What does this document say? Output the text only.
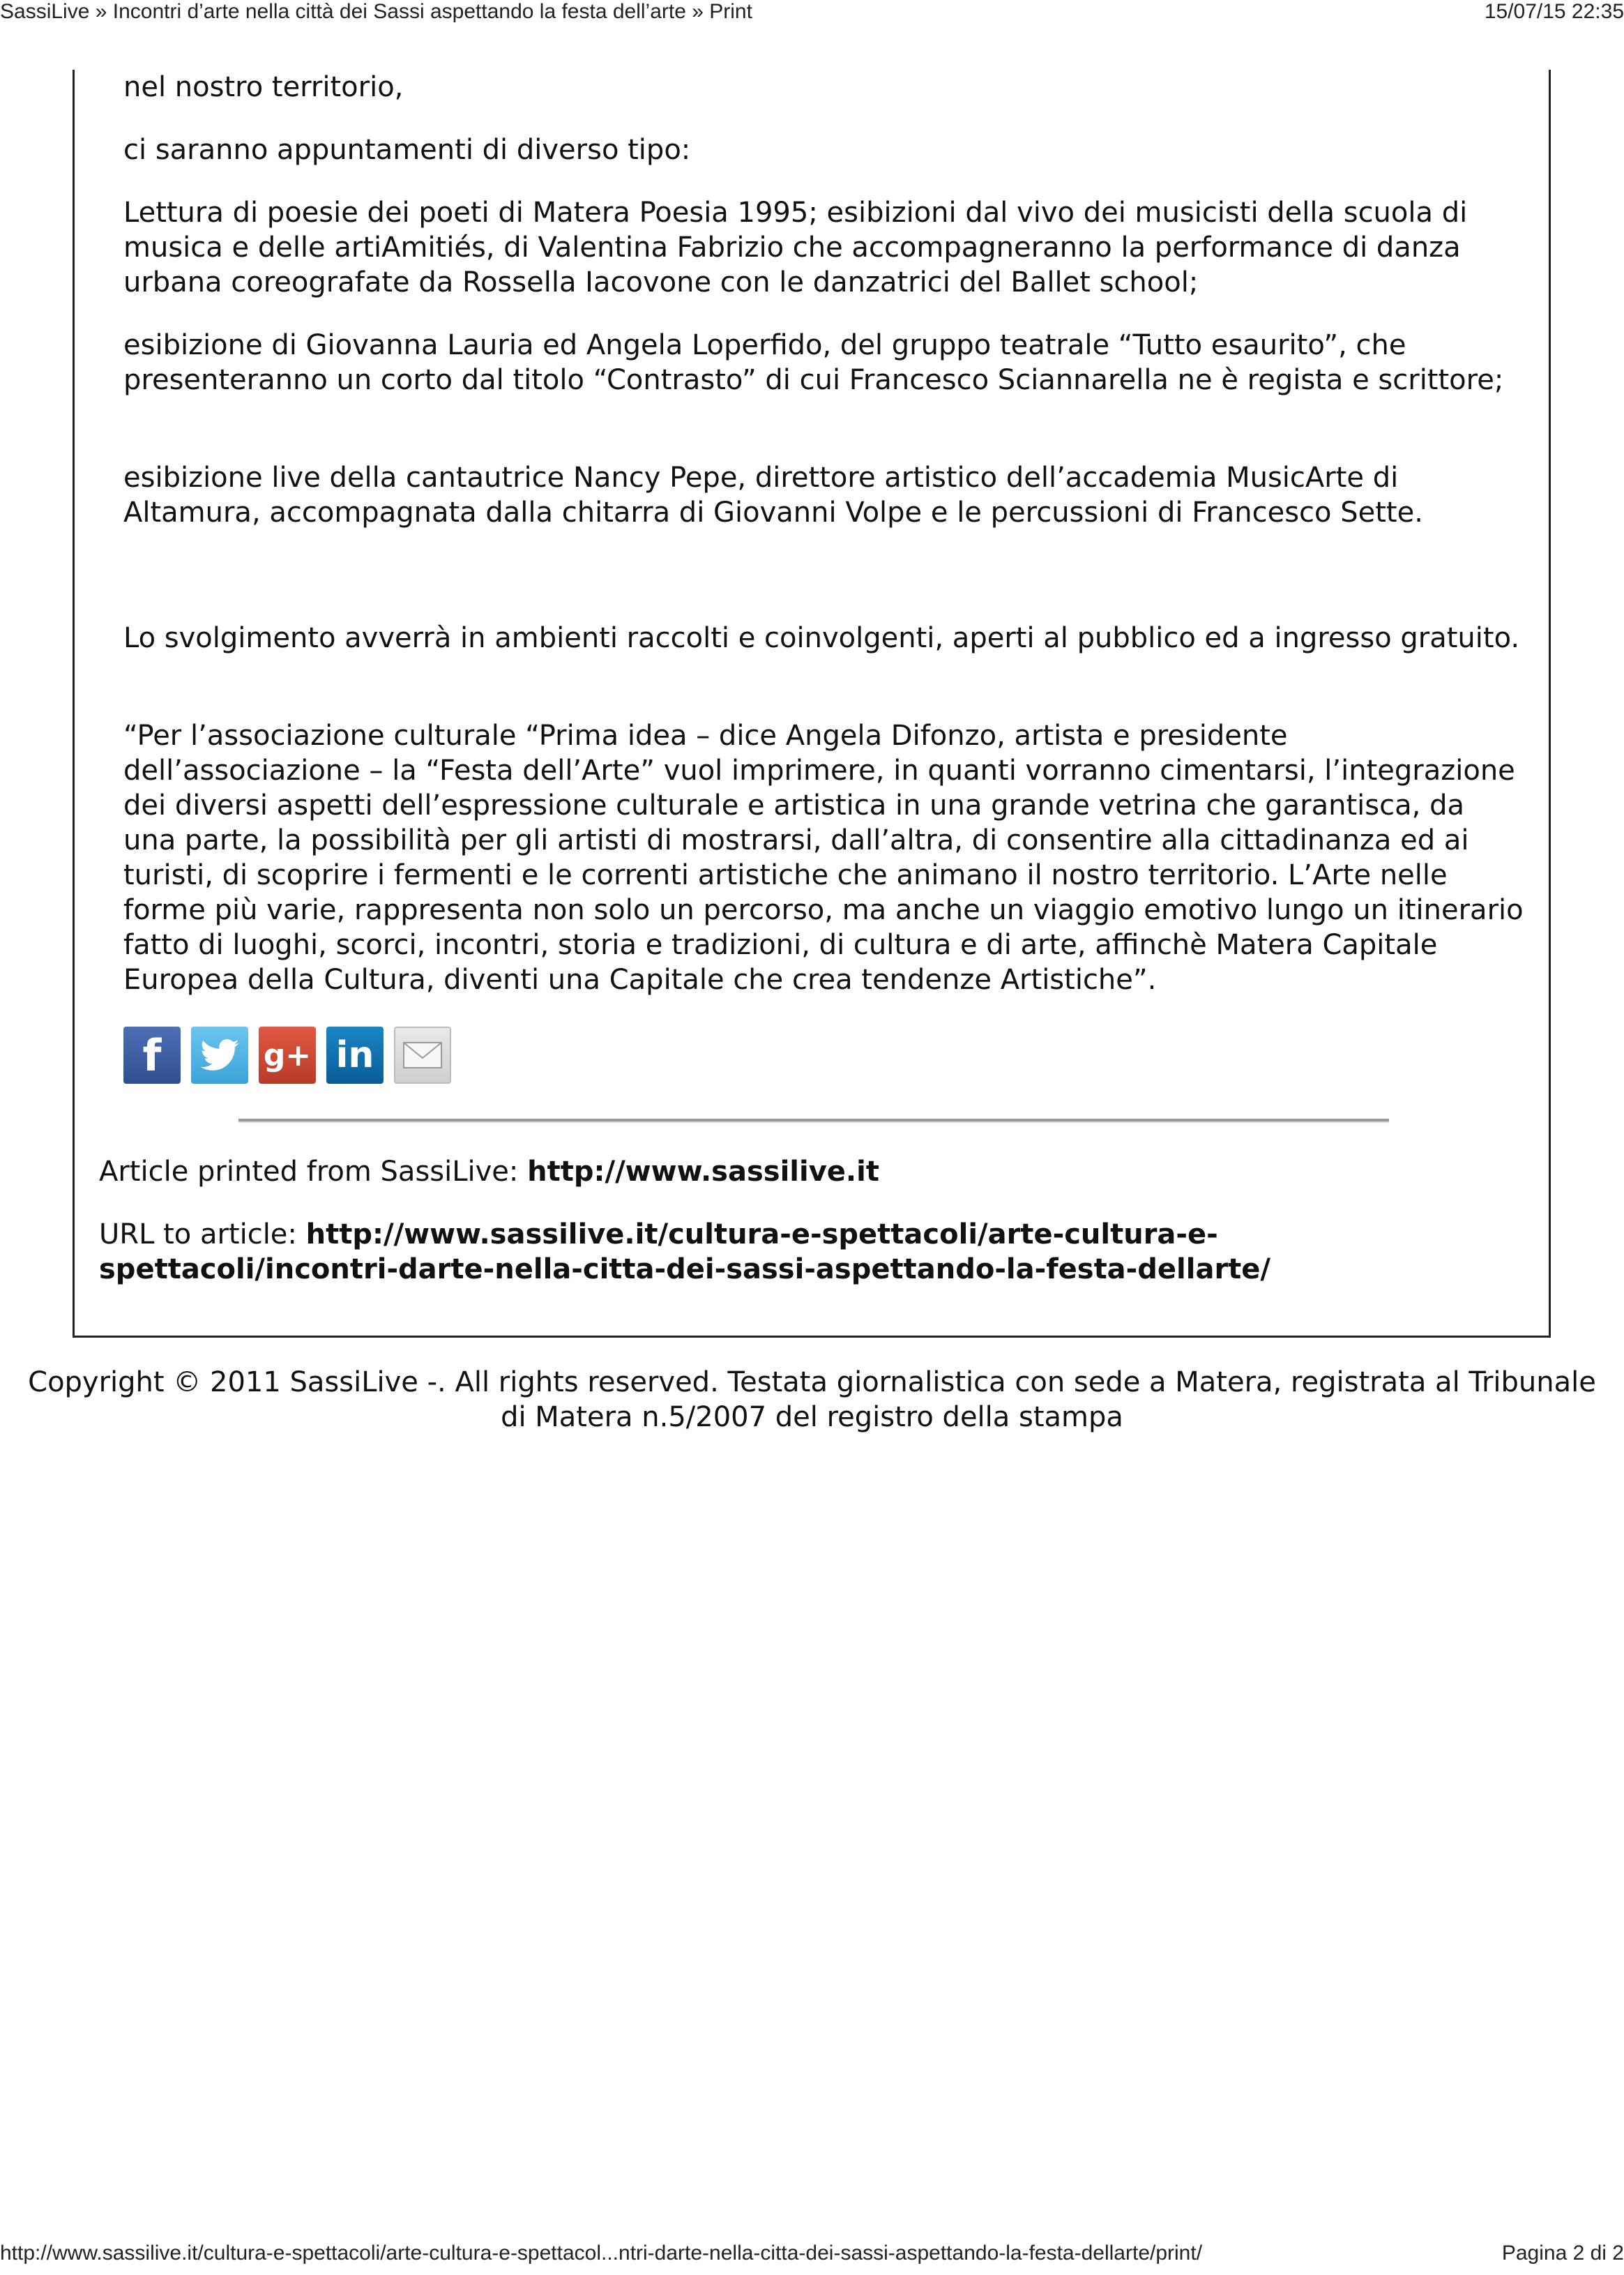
SassiLive » Incontri d’arte nella città dei Sassi aspettando la festa dell’arte » Print	15/07/15 22:35

nel nostro territorio,

ci saranno appuntamenti di diverso tipo:

Lettura di poesie dei poeti di Matera Poesia 1995; esibizioni dal vivo dei musicisti della scuola di musica e delle artiAmitiés, di Valentina Fabrizio che accompagneranno la performance di danza urbana coreografate da Rossella Iacovone con le danzatrici del Ballet school;

esibizione di Giovanna Lauria ed Angela Loperfido, del gruppo teatrale “Tutto esaurito”, che presenteranno un corto dal titolo “Contrasto” di cui Francesco Sciannarella ne è regista e scrittore;

esibizione live della cantautrice Nancy Pepe, direttore artistico dell’accademia MusicArte di Altamura, accompagnata dalla chitarra di Giovanni Volpe e le percussioni di Francesco Sette.

Lo svolgimento avverrà in ambienti raccolti e coinvolgenti, aperti al pubblico ed a ingresso gratuito.

“Per l’associazione culturale “Prima idea – dice Angela Difonzo, artista e presidente dell’associazione – la “Festa dell’Arte” vuol imprimere, in quanti vorranno cimentarsi, l’integrazione dei diversi aspetti dell’espressione culturale e artistica in una grande vetrina che garantisca, da una parte, la possibilità per gli artisti di mostrarsi, dall’altra, di consentire alla cittadinanza ed ai turisti, di scoprire i fermenti e le correnti artistiche che animano il nostro territorio. L’Arte nelle forme più varie, rappresenta non solo un percorso, ma anche un viaggio emotivo lungo un itinerario fatto di luoghi, scorci, incontri, storia e tradizioni, di cultura e di arte, affinchè Matera Capitale Europea della Cultura, diventi una Capitale che crea tendenze Artistiche”.

f	g+ in

Article printed from SassiLive: http://www.sassilive.it

URL to article: http://www.sassilive.it/cultura-e-spettacoli/arte-cultura-e-
spettacoli/incontri-darte-nella-citta-dei-sassi-aspettando-la-festa-dellarte/

Copyright © 2011 SassiLive -. All rights reserved. Testata giornalistica con sede a Matera, registrata al Tribunale
di Matera n.5/2007 del registro della stampa
http://www.sassilive.it/cultura-e-spettacoli/arte-cultura-e-spettacol...ntri-darte-nella-citta-dei-sassi-aspettando-la-festa-dellarte/print/	Pagina 2 di 2
